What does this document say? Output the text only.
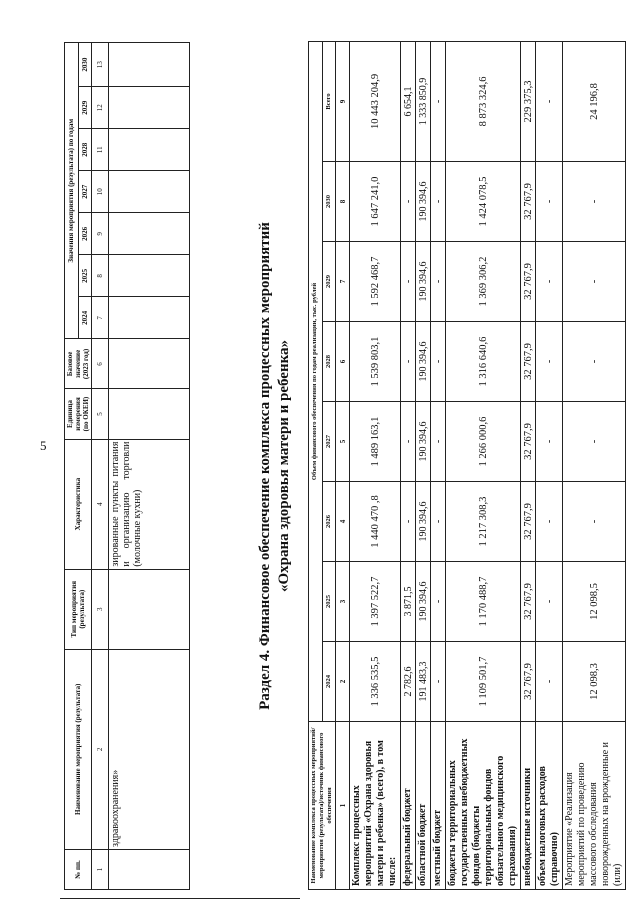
5
№ пп.	Наименование мероприятия (результата)	Тип мероприятия (результата)	Характеристика	Единица измерения (по ОКЕИ)	Базовое значение (2023 год)	Значения мероприятия (результата) по годам						
						2024	2025	2026	2027	2028	2029	2030
1	2	3	4	5	6	7	8	9	10	11	12	13
	здравоохранения»		зированные пункты питания и организацию торговли (молочные кухни)										Раздел 4. Финансовое обеспечение комплекса процессных мероприятий «Охрана здоровья матери и ребенка»
Наименование комплекса процессных мероприятий/мероприятия (результата)/источник финансового обеспечения	Объем финансового обеспечения по годам реализации, тыс. рублей							
	2024	2025	2026	2027	2028	2029	2030	Всего
1	2	3	4	5	6	7	8	9
Комплекс процессных мероприятий «Охрана здоровья матери и ребенка» (всего), в том числе:	1 336 535,5	1 397 522,7	1 440 470 ,8	1 489 163,1	1 539 803,1	1 592 468,7	1 647 241,0	10 443 204,9
федеральный бюджет	2 782,6	3 871,5	-	-	-	-	-	6 654,1
областной бюджет	191 483,3	190 394,6	190 394,6	190 394,6	190 394,6	190 394,6	190 394,6	1 333 850,9
местный бюджет	-	-	-	-	-	-	-	-
бюджеты территориальных государственных внебюджетных фондов (бюджеты территориальных фондов обязательного медицинского страхования)	1 109 501,7	1 170 488,7	1 217 308,3	1 266 000,6	1 316 640,6	1 369 306,2	1 424 078,5	8 873 324,6
внебюджетные источники	32 767,9	32 767,9	32 767,9	32 767,9	32 767,9	32 767,9	32 767,9	229 375,3
объем налоговых расходов (справочно)	-	-	-	-	-	-	-	-
Мероприятие «Реализация мероприятий по проведению массового обследования новорожденных на врожденные и (или)	12 098,3	12 098,5	-	-	-	-	-	24 196,8
